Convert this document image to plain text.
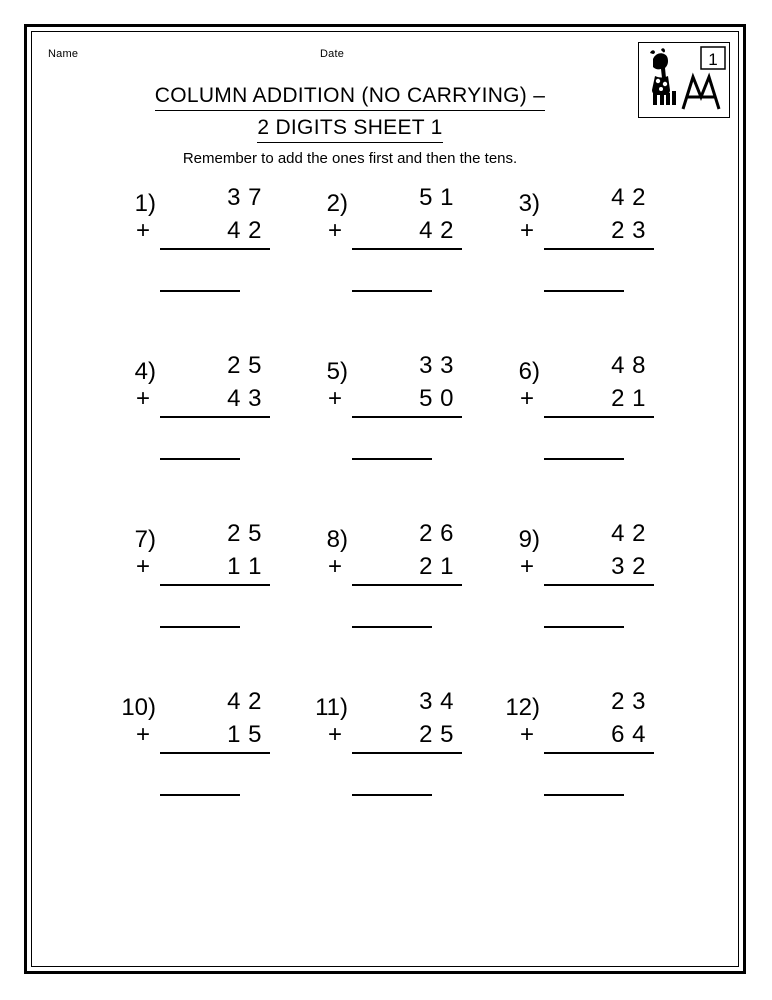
Name	Date	1
COLUMN ADDITION (NO CARRYING) –
2 DIGITS SHEET 1
Remember to add the ones first and then the tens.
1)	3 7
+	4 2
2)	5 1
+	4 2
3)	4 2
+	2 3
4)	2 5
+	4 3
5)	3 3
+	5 0
6)	4 8
+	2 1
7)	2 5
+	1 1
8)	2 6
+	2 1
9)	4 2
+	3 2
10)	4 2
+	1 5
11)	3 4
+	2 5
12)	2 3
+	6 4
